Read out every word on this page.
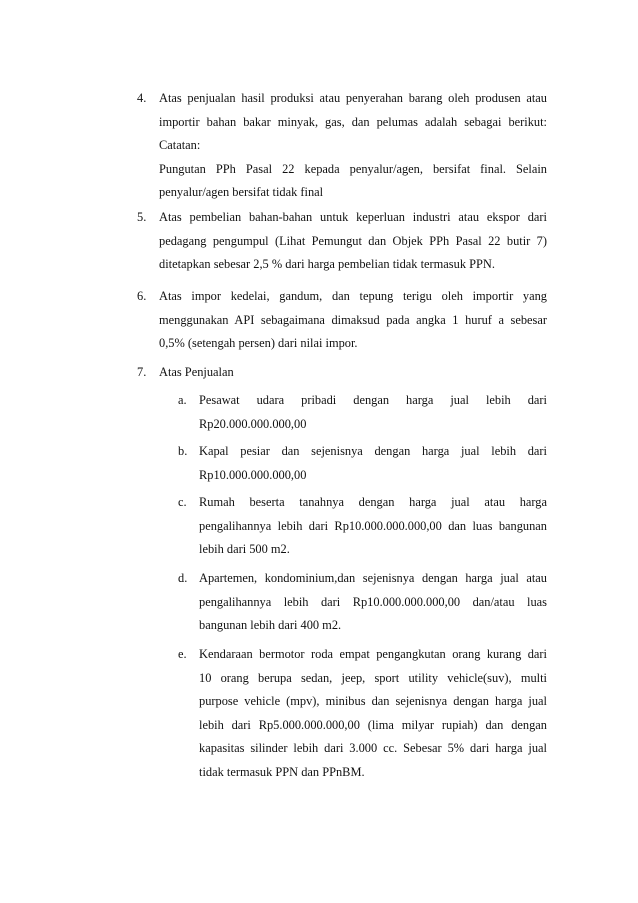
4.	Atas penjualan hasil produksi atau penyerahan barang oleh produsen atau
importir bahan bakar minyak, gas, dan pelumas adalah sebagai berikut:
Catatan:
Pungutan PPh Pasal 22 kepada penyalur/agen, bersifat final. Selain
penyalur/agen bersifat tidak final
5.	Atas pembelian bahan-bahan untuk keperluan industri atau ekspor dari
pedagang pengumpul (Lihat Pemungut dan Objek PPh Pasal 22 butir 7)
ditetapkan sebesar 2,5 % dari harga pembelian tidak termasuk PPN.
6.	Atas impor kedelai, gandum, dan tepung terigu oleh importir yang
menggunakan API sebagaimana dimaksud pada angka 1 huruf a sebesar
0,5% (setengah persen) dari nilai impor.
7.	Atas Penjualan
a. Pesawat udara pribadi dengan harga jual lebih dari
Rp20.000.000.000,00
b. Kapal pesiar dan sejenisnya dengan harga jual lebih dari
Rp10.000.000.000,00
c. Rumah beserta tanahnya dengan harga jual atau harga
pengalihannya lebih dari Rp10.000.000.000,00 dan luas bangunan
lebih dari 500 m2.
d. Apartemen, kondominium,dan sejenisnya dengan harga jual atau
pengalihannya lebih dari Rp10.000.000.000,00 dan/atau luas
bangunan lebih dari 400 m2.
e. Kendaraan bermotor roda empat pengangkutan orang kurang dari
10 orang berupa sedan, jeep, sport utility vehicle(suv), multi
purpose vehicle (mpv), minibus dan sejenisnya dengan harga jual
lebih dari Rp5.000.000.000,00 (lima milyar rupiah) dan dengan
kapasitas silinder lebih dari 3.000 cc. Sebesar 5% dari harga jual
tidak termasuk PPN dan PPnBM.
